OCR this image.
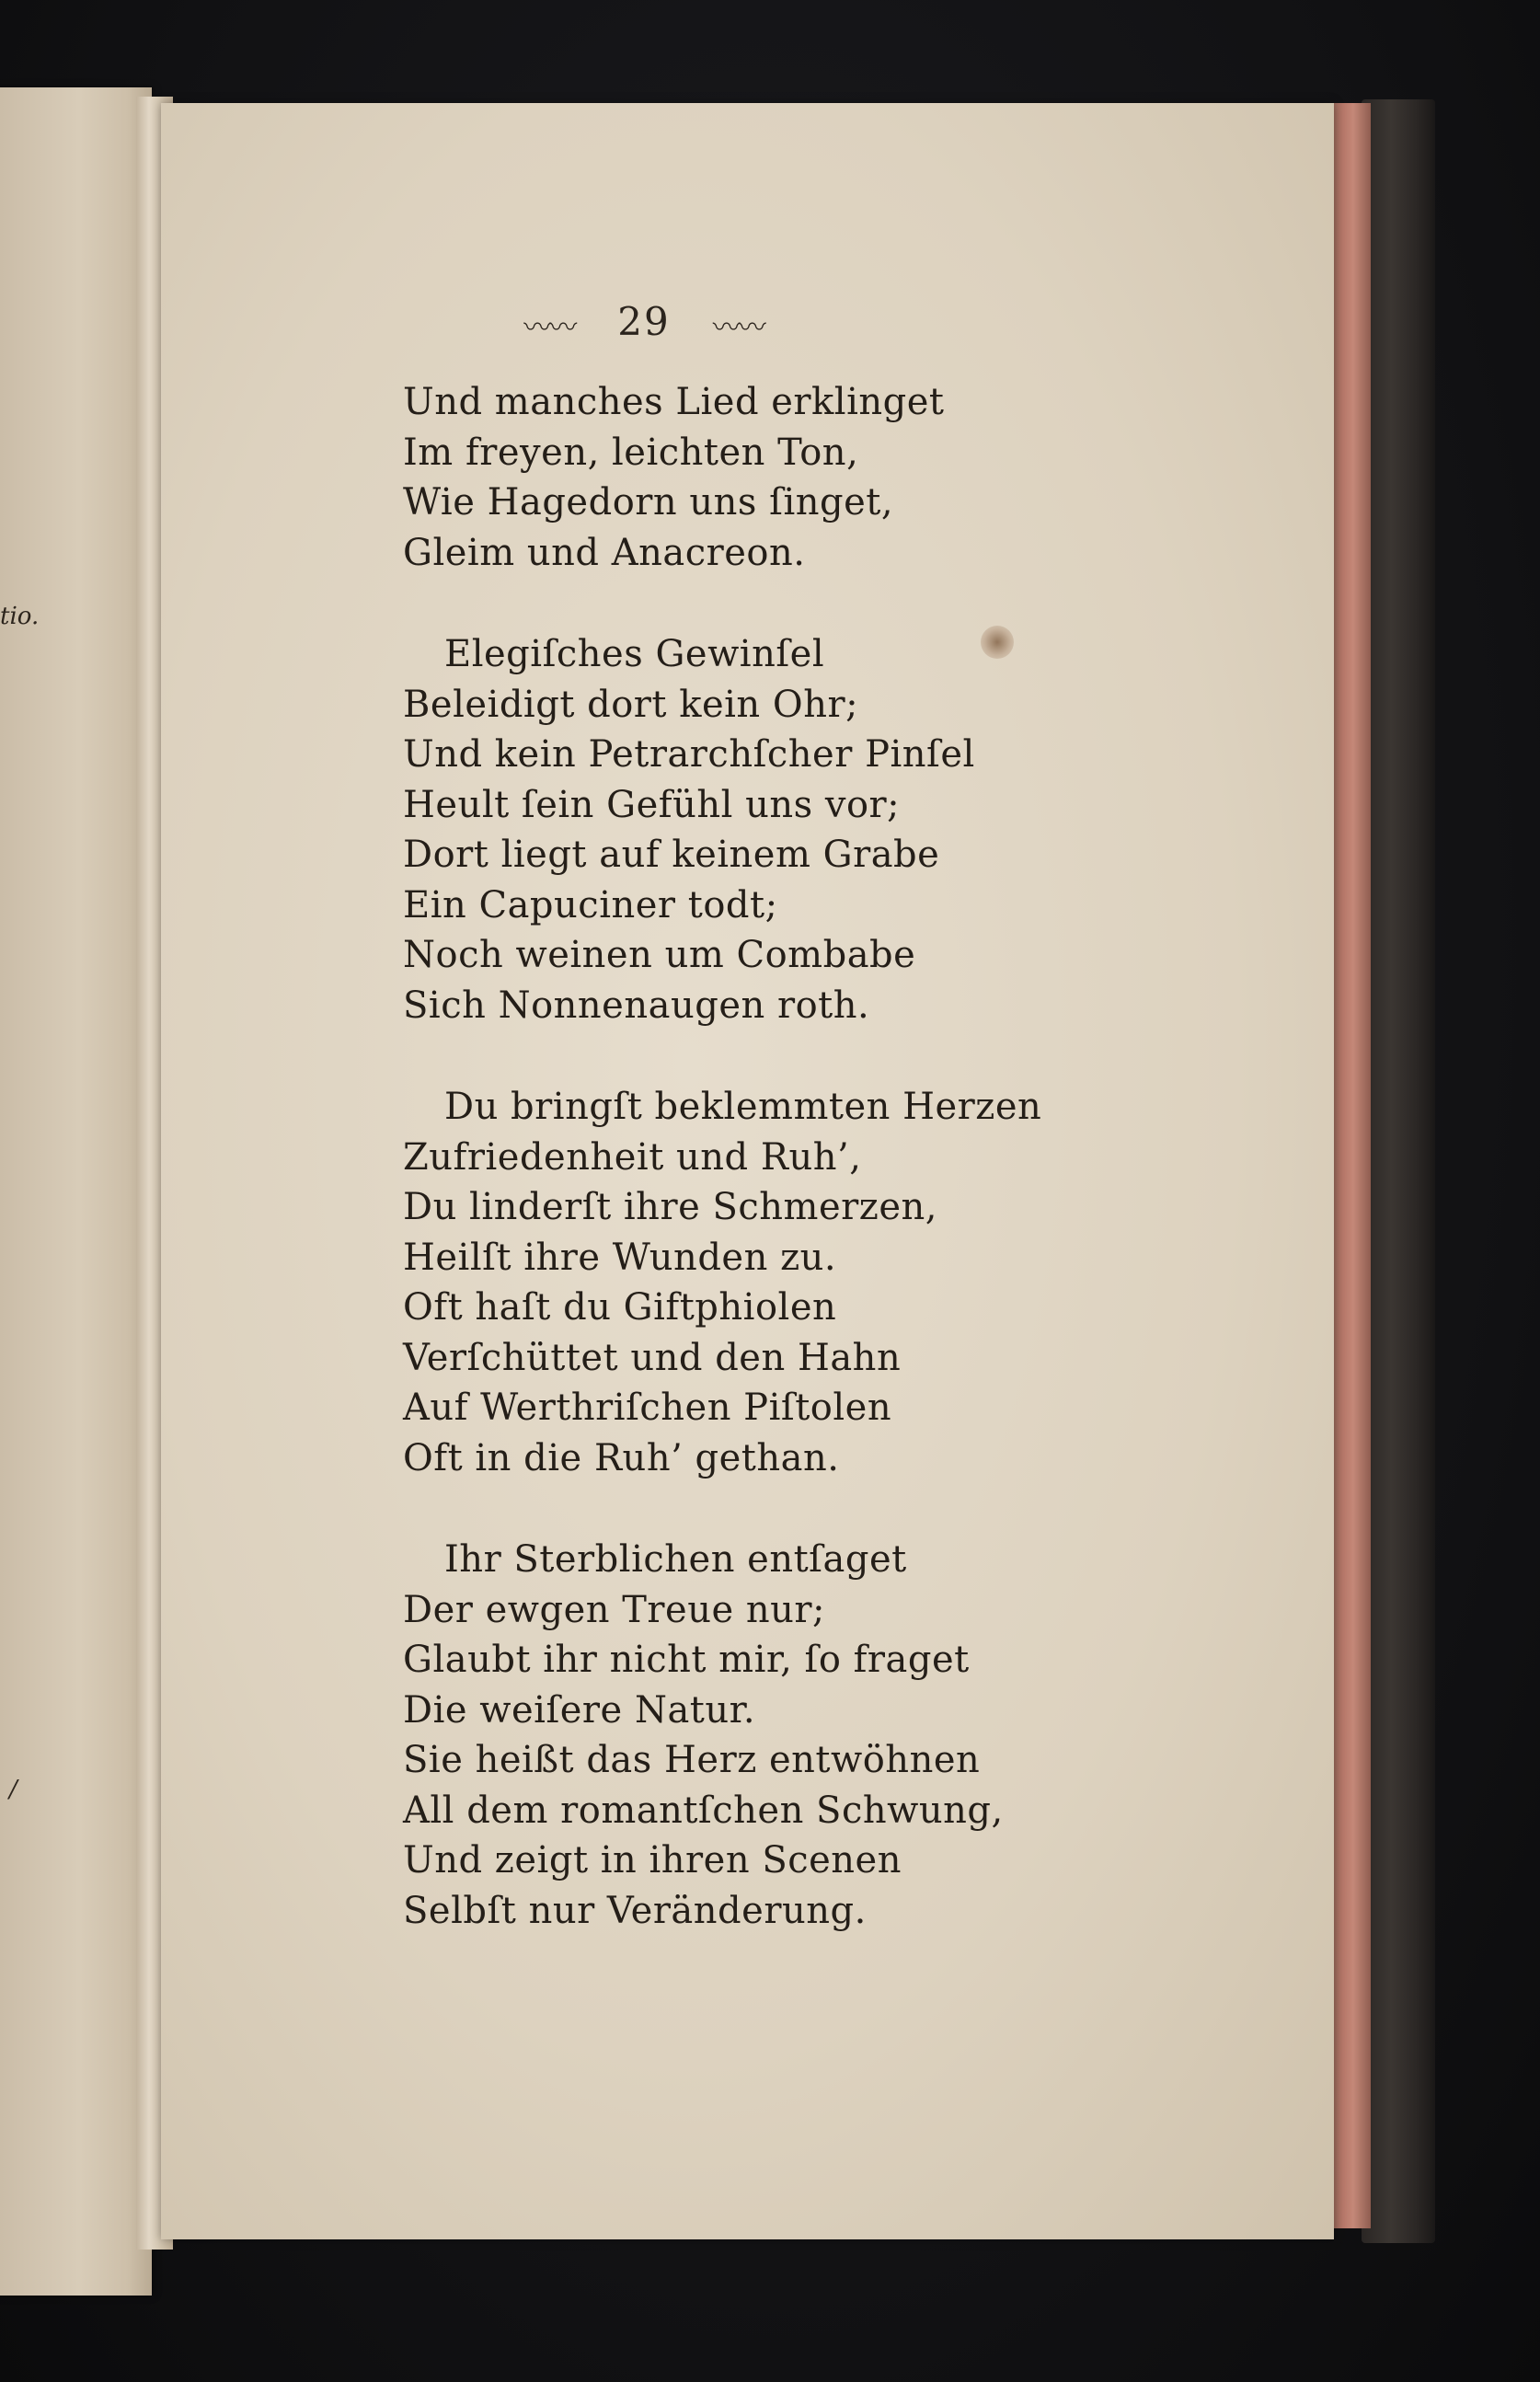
tio.
/
〰〰 29 〰〰
Und manches Lied erklinget
Im freyen, leichten Ton,
Wie Hagedorn uns ſinget,
Gleim und Anacreon.
Elegiſches Gewinſel
Beleidigt dort kein Ohr;
Und kein Petrarchſcher Pinſel
Heult ſein Gefühl uns vor;
Dort liegt auf keinem Grabe
Ein Capuciner todt;
Noch weinen um Combabe
Sich Nonnenaugen roth.
Du bringſt beklemmten Herzen
Zufriedenheit und Ruh’,
Du linderſt ihre Schmerzen,
Heilſt ihre Wunden zu.
Oft haſt du Giftphiolen
Verſchüttet und den Hahn
Auf Werthriſchen Piſtolen
Oft in die Ruh’ gethan.
Ihr Sterblichen entſaget
Der ewgen Treue nur;
Glaubt ihr nicht mir, ſo fraget
Die weiſere Natur.
Sie heißt das Herz entwöhnen
All dem romantſchen Schwung,
Und zeigt in ihren Scenen
Selbſt nur Veränderung.
